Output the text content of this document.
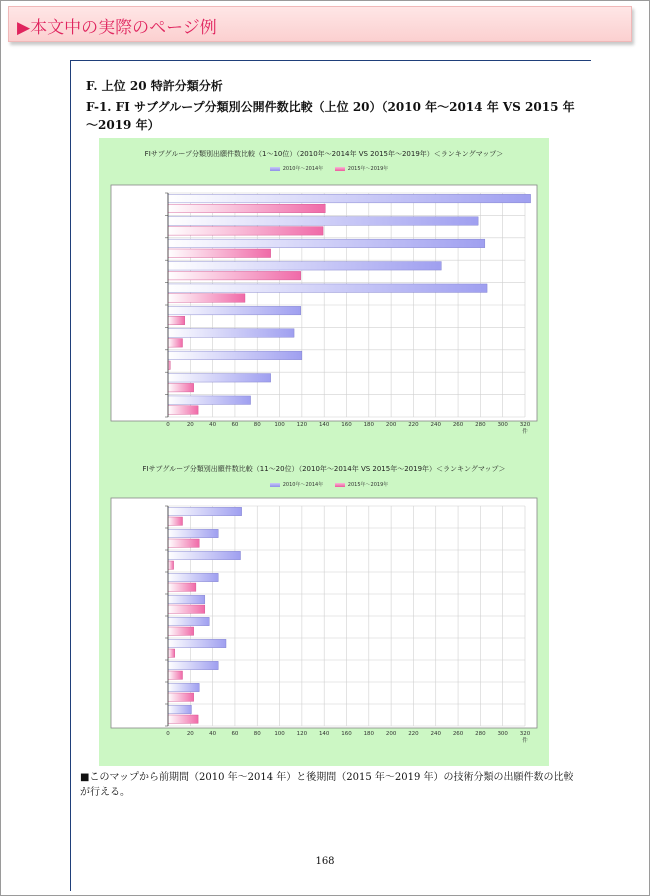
▶本文中の実際のページ例
F. 上位 20 特許分類分析
F-1. FI サブグループ分類別公開件数比較（上位 20）（2010 年～2014 年 VS 2015 年～2019 年）
FIサブグループ分類別出願件数比較（1～10位）（2010年～2014年 VS 2015年～2019年）＜ランキングマップ＞
2010年～2014年	2015年～2019年
0	20	40	60	80 100 120 140 160 180 200 220 240 260 280 300 320
件
FIサブグループ分類別出願件数比較（11～20位）（2010年～2014年 VS 2015年～2019年）＜ランキングマップ＞
2010年～2014年	2015年～2019年
0	20	40	60	80 100 120 140 160 180 200 220 240 260 280 300 320
件
■このマップから前期間（2010 年～2014 年）と後期間（2015 年～2019 年）の技術分類の出願件数の比較が行える。
168
